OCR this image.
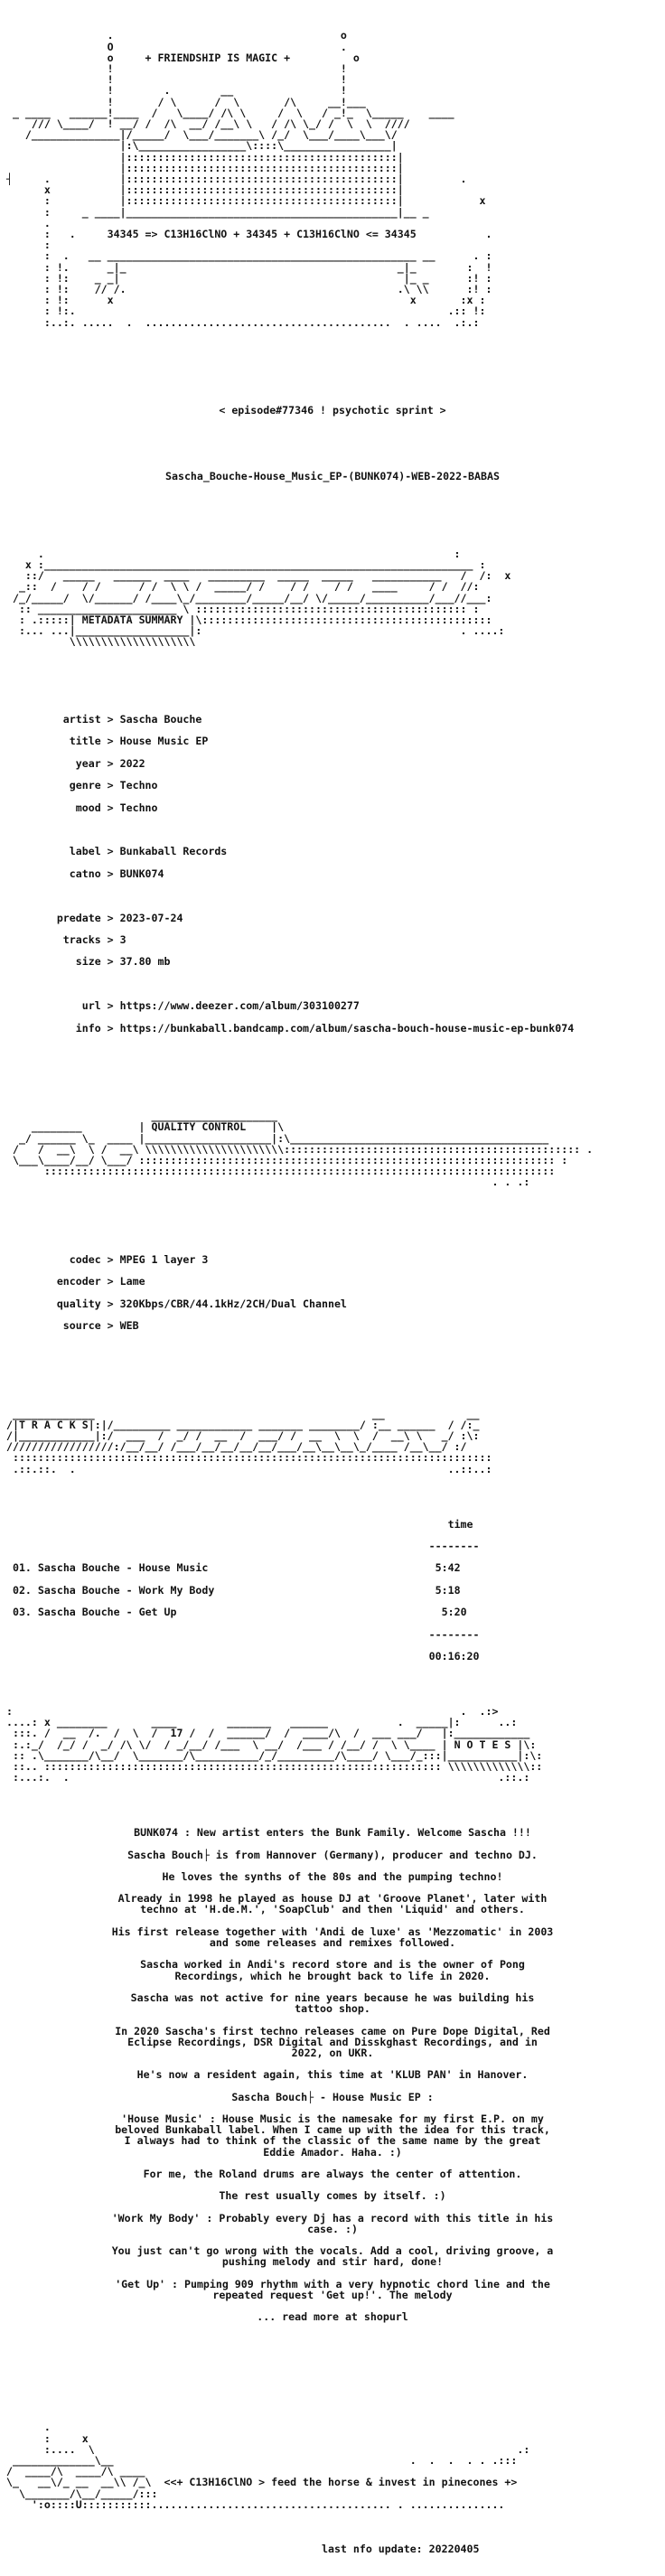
.                                    o
O                                    .
o	+ FRIENDSHIP IS MAGIC +	o
!                                    !
!                                    !
!        .        __                 !
!       / \      /  \       /\     __!___
_ ____   ______!____  /   \____/ /\ \     /  \   / _!_  \_____    ____
/// \____/  ! __/ /  /\  __/ /__\ \   / /\ \_/ /  \  \  ////
/______________|/_____/  \___/_______\ /_/  \___/____\___\/
|:\_________________\::::\_________________|
|:::::::::::::::::::::::::::::::::::::::::::|
|:::::::::::::::::::::::::::::::::::::::::::|
┤     .           |:::::::::::::::::::::::::::::::::::::::::::|         .
x           |:::::::::::::::::::::::::::::::::::::::::::|
:           |:::::::::::::::::::::::::::::::::::::::::::|            x
:     _ ____|___________________________________________|__ _
.
:   .	34345 => C13H16ClNO + 34345 + C13H16ClNO <= 34345	.
:
:  .   __ _________________________________________________ __      . :
: !.      _|_                                           _|_        :  !
: !:    _ _|                                             |_ _      :! :
: !:    // /.                                           .\ \\      :! :
: !:      x                                               x       :x :
: !:.                                                           .:: !:
:..:. .....  .  .......................................  . ....  .:.:

< episode#77346 ! psychotic sprint >

Sascha_Bouche-House_Music_EP-(BUNK074)-WEB-2022-BABAS

.                                                                 :
x :____________________________________________________________________ :
::/   _____   ______  ____   _________  _____  _____   ___________   /  /:  x
_::  /    / /      / /  \ \ /  _____/ /    / /    / /   ____     / /  //:
/_/_____/  \/______/ /____\_/________/_____/__/ \/_____/__________/___//___:
:: ______________________ \ ::::::::::::::::::::::::::::::::::::::::::: :
: .:::::| METADATA SUMMARY |\::::::::::::::::::::::::::::::::::::::::::::::
:... ...|__________________|:                                         . ....:
\\\\\\\\\\\\\\\\\\\\

artist > Sascha Bouche

title > House Music EP

year > 2022

genre > Techno

mood > Techno

label > Bunkaball Records

catno > BUNK074

predate > 2023-07-24

tracks > 3

size > 37.80 mb

url > https://www.deezer.com/album/303100277

info > https://bunkaball.bandcamp.com/album/sascha-bouch-house-music-ep-bunk074

____________________
________         | QUALITY CONTROL    |\
_/ ______ \_  ____ |____________________|:\_________________________________________
/   /  __\  \ /  __\ \\\\\\\\\\\\\\\\\\\\\\::::::::::::::::::::::::::::::::::::::::::::::: .
\___\____/__/ \___/ :::::::::::::::::::::::::::::::::::::::::::::::::::::::::::::::::: :
:::::::::::::::::::::::::::::::::::::::::::::::::::::::::::::::::::::::::::::::::
. . .:

codec > MPEG 1 layer 3

encoder > Lame

quality > 320Kbps/CBR/44.1kHz/2CH/Dual Channel

source > WEB

_____________                                            __             __
/|T R A C K S|:|/_________ ____________ _______ ________/ :__ ______  / /:_
/|____________|:/  ___  /  _/ /  __  /  ___/ /  __  \  \  /  __\ \   _/ :\:
/////////////////:/__/__/ /___/__/__/__/__/___/__\__\__\_/____ /__\__/ :/
::::::::::::::::::::::::::::::::::::::::::::::::::::::::::::::::::::::::::::
.::.::.  .                                                           ..::..:

time

--------

01. Sascha Bouche - House Music	5:42

02. Sascha Bouche - Work My Body	5:18

03. Sascha Bouche - Get Up	5:20

--------

00:16:20

:                                                                       .  .:>
....: x ________       ____        _______   ______           .  _____|:      ..:
:::. /  __  /.  /  \  /  17 /  /  ______/  /  ____/\  /  ___ ___/   |:____________
:.:_/  /_/ /  _/ /\ \/  / _/__/ /___  \ __/  /___ / /__/ /  \ \____ | N O T E S |\:
:: .\_______/\__/  \_______/\__________/_/_________/\____/ \___/_:::|___________|:\:
::.. ::::::::::::::::::::::::::::::::::::::::::::::::::::::::::::::: \\\\\\\\\\\\\::
:...:.  .                                                                    .::.:

BUNK074 : New artist enters the Bunk Family. Welcome Sascha !!!
Sascha Bouch├ is from Hannover (Germany), producer and techno DJ.
He loves the synths of the 80s and the pumping techno!
Already in 1998 he played as house DJ at 'Groove Planet', later with
techno at 'H.de.M.', 'SoapClub' and then 'Liquid' and others.
His first release together with 'Andi de luxe' as 'Mezzomatic' in 2003
and some releases and remixes followed.
Sascha worked in Andi's record store and is the owner of Pong
Recordings, which he brought back to life in 2020.
Sascha was not active for nine years because he was building his
tattoo shop.
In 2020 Sascha's first techno releases came on Pure Dope Digital, Red
Eclipse Recordings, DSR Digital and Disskghast Recordings, and in
2022, on UKR.
He's now a resident again, this time at 'KLUB PAN' in Hanover.
Sascha Bouch├ - House Music EP :
'House Music' : House Music is the namesake for my first E.P. on my
beloved Bunkaball label. When I came up with the idea for this track,
I always had to think of the classic of the same name by the great
Eddie Amador. Haha. :)
For me, the Roland drums are always the center of attention.
The rest usually comes by itself. :)
'Work My Body' : Probably every Dj has a record with this title in his
case. :)
You just can't go wrong with the vocals. Add a cool, driving groove, a
pushing melody and stir hard, done!
'Get Up' : Pumping 909 rhythm with a very hypnotic chord line and the
repeated request 'Get up!'. The melody
... read more at shopurl

.
:     x
:....  \                                                                   .:
_____________\__                                               .  .  .  . . .:::
/  ____/\  ____/\ ____
\_   __\/_ __  __\\ /_\  <<+ C13H16ClNO > feed the horse & invest in pinecones +>
\_______/\__/_____/:::
':o::::U:::::::::::...................................... . ...............

last nfo update: 20220405
